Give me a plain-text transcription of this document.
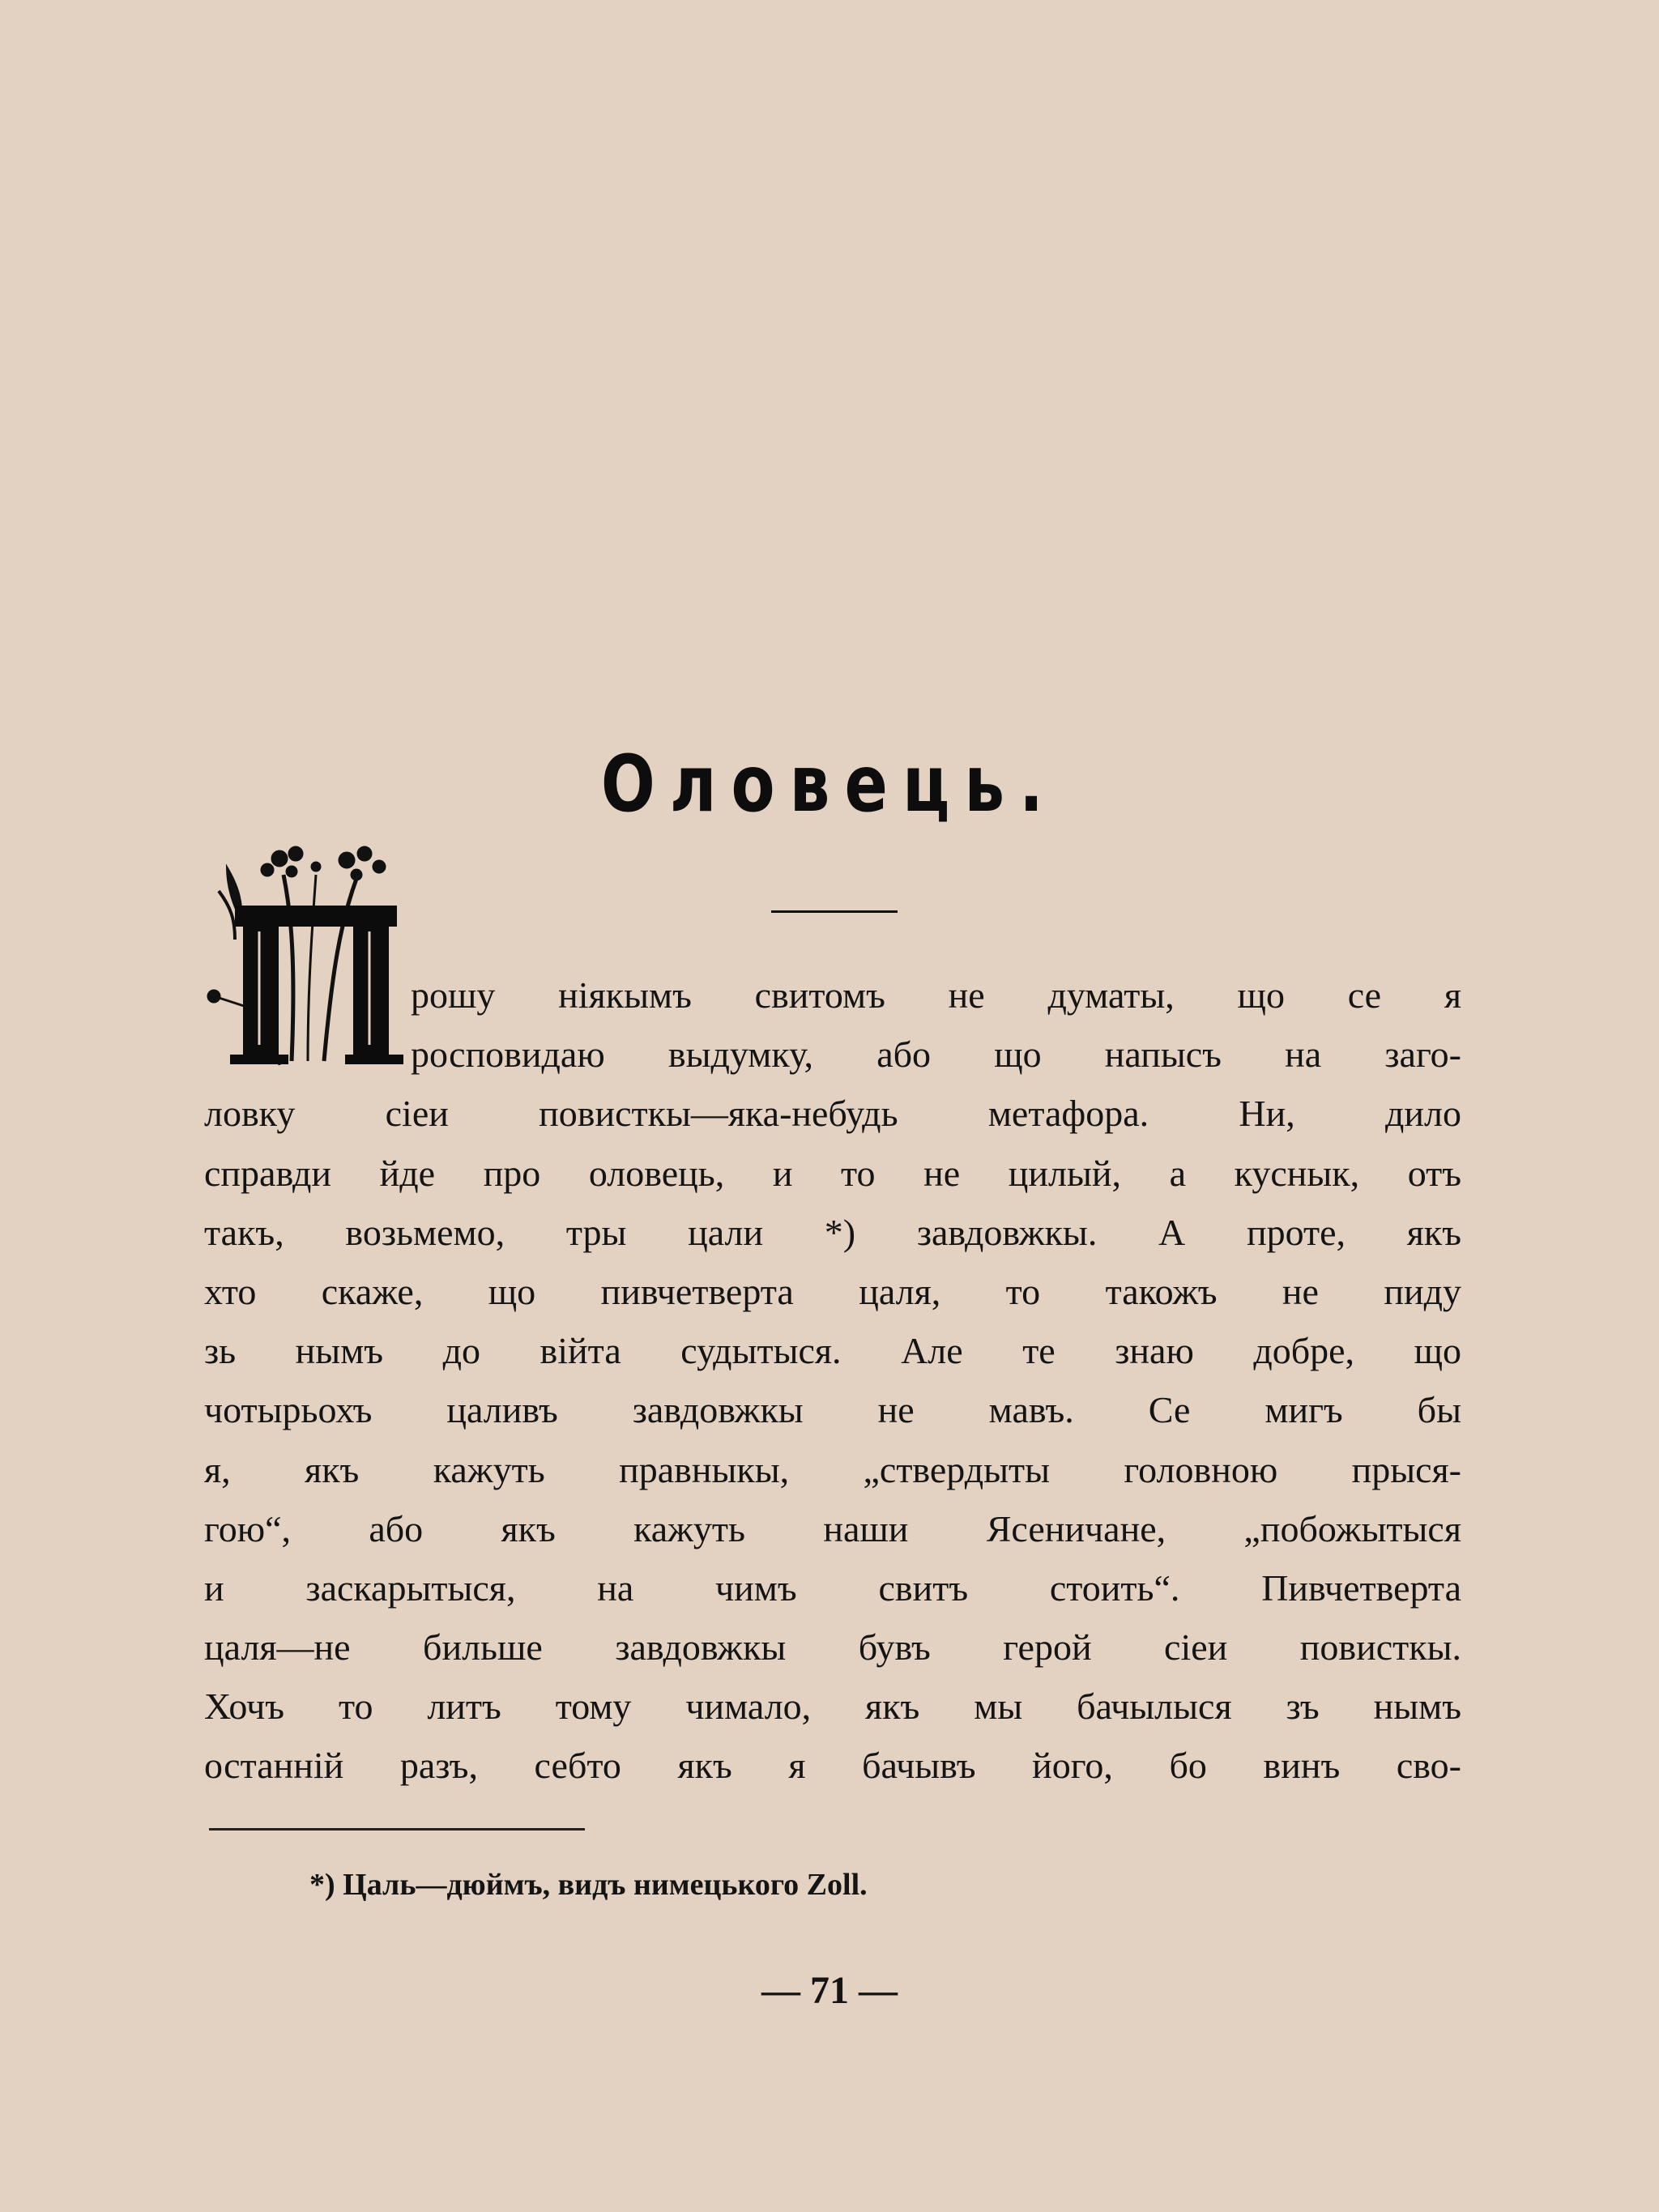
Оловець.
рошу ніякымъ свитомъ не думаты, що се я
росповидаю выдумку, або що напысъ на заго-
ловку сіеи повисткы—яка-небудь метафора. Ни, дило
справди йде про оловець, и то не цилый, а куснык, отъ
такъ, возьмемо, тры цали *) завдовжкы. А проте, якъ
хто скаже, що пивчетверта цаля, то такожъ не пиду
зь нымъ до війта судытыся. Але те знаю добре, що
чотырьохъ цаливъ завдовжкы не мавъ. Се мигъ бы
я, якъ кажуть правныкы, „ствердыты головною прыся-
гою“, або якъ кажуть наши Ясеничане, „побожытыся
и заскарытыся, на чимъ свитъ стоить“. Пивчетверта
цаля—не бильше завдовжкы бувъ герой сіеи повисткы.
Хочъ то литъ тому чимало, якъ мы бачылыся зъ нымъ
останній разъ, себто якъ я бачывъ його, бо винъ сво-
*) Цаль—дюймъ, видъ нимецького Zoll.
— 71 —
